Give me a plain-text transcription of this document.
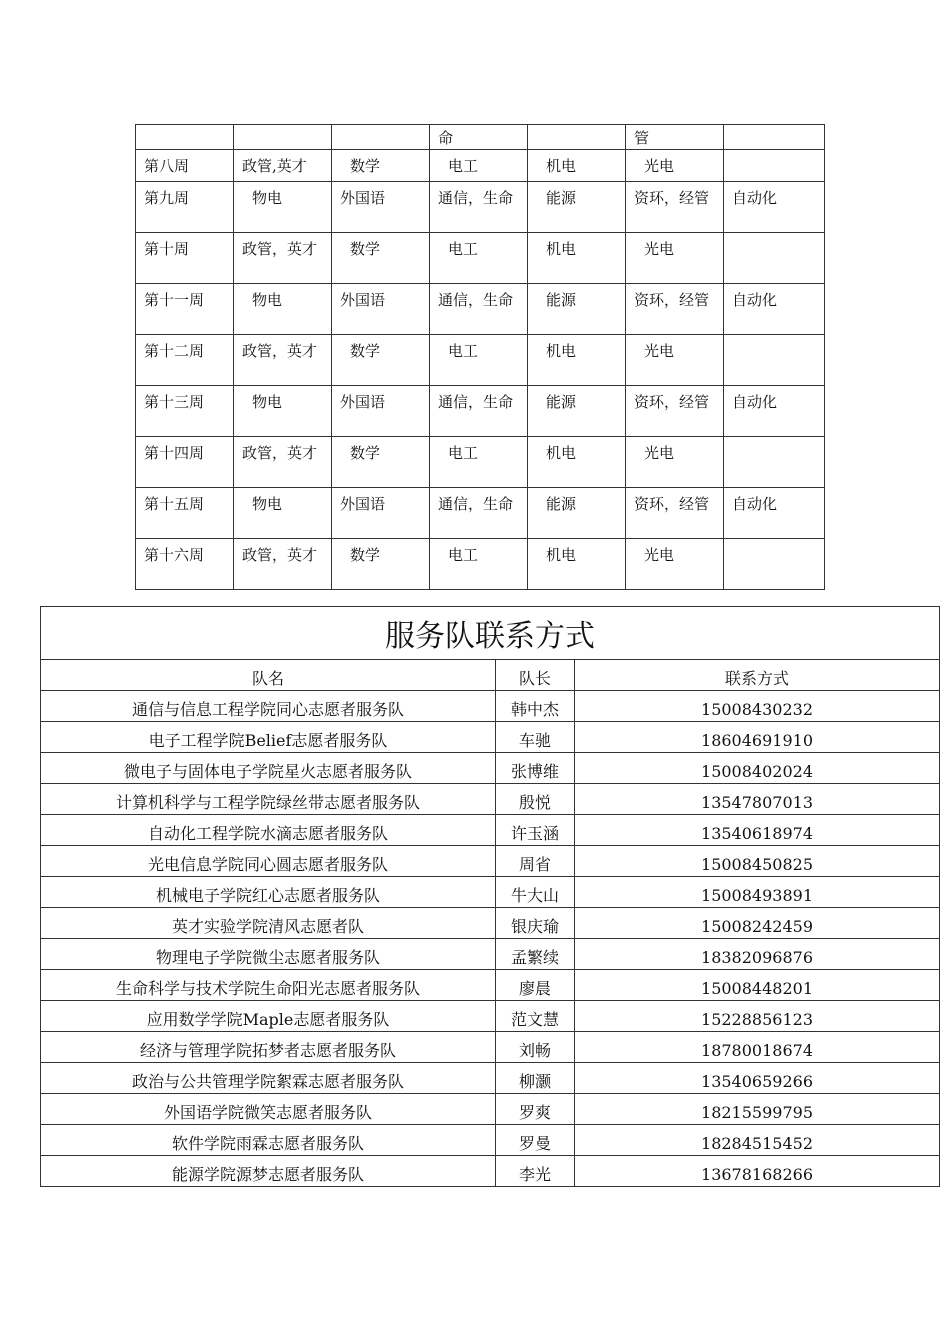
			命		管	
第八周	政管,英才	数学	电工	机电	光电	
第九周	物电	外国语	通信，生命	能源	资环，经管	自动化
第十周	政管，英才	数学	电工	机电	光电	
第十一周	物电	外国语	通信，生命	能源	资环，经管	自动化
第十二周	政管，英才	数学	电工	机电	光电	
第十三周	物电	外国语	通信，生命	能源	资环，经管	自动化
第十四周	政管，英才	数学	电工	机电	光电	
第十五周	物电	外国语	通信，生命	能源	资环，经管	自动化
第十六周	政管，英才	数学	电工	机电	光电	
服务队联系方式		
队名	队长	联系方式
通信与信息工程学院同心志愿者服务队	韩中杰	15008430232
电子工程学院Belief志愿者服务队	车驰	18604691910
微电子与固体电子学院星火志愿者服务队	张博维	15008402024
计算机科学与工程学院绿丝带志愿者服务队	殷悦	13547807013
自动化工程学院水滴志愿者服务队	许玉涵	13540618974
光电信息学院同心圆志愿者服务队	周省	15008450825
机械电子学院红心志愿者服务队	牛大山	15008493891
英才实验学院清风志愿者队	银庆瑜	15008242459
物理电子学院微尘志愿者服务队	孟繁续	18382096876
生命科学与技术学院生命阳光志愿者服务队	廖晨	15008448201
应用数学学院Maple志愿者服务队	范文慧	15228856123
经济与管理学院拓梦者志愿者服务队	刘畅	18780018674
政治与公共管理学院絮霖志愿者服务队	柳灏	13540659266
外国语学院微笑志愿者服务队	罗爽	18215599795
软件学院雨霖志愿者服务队	罗曼	18284515452
能源学院源梦志愿者服务队	李光	13678168266
